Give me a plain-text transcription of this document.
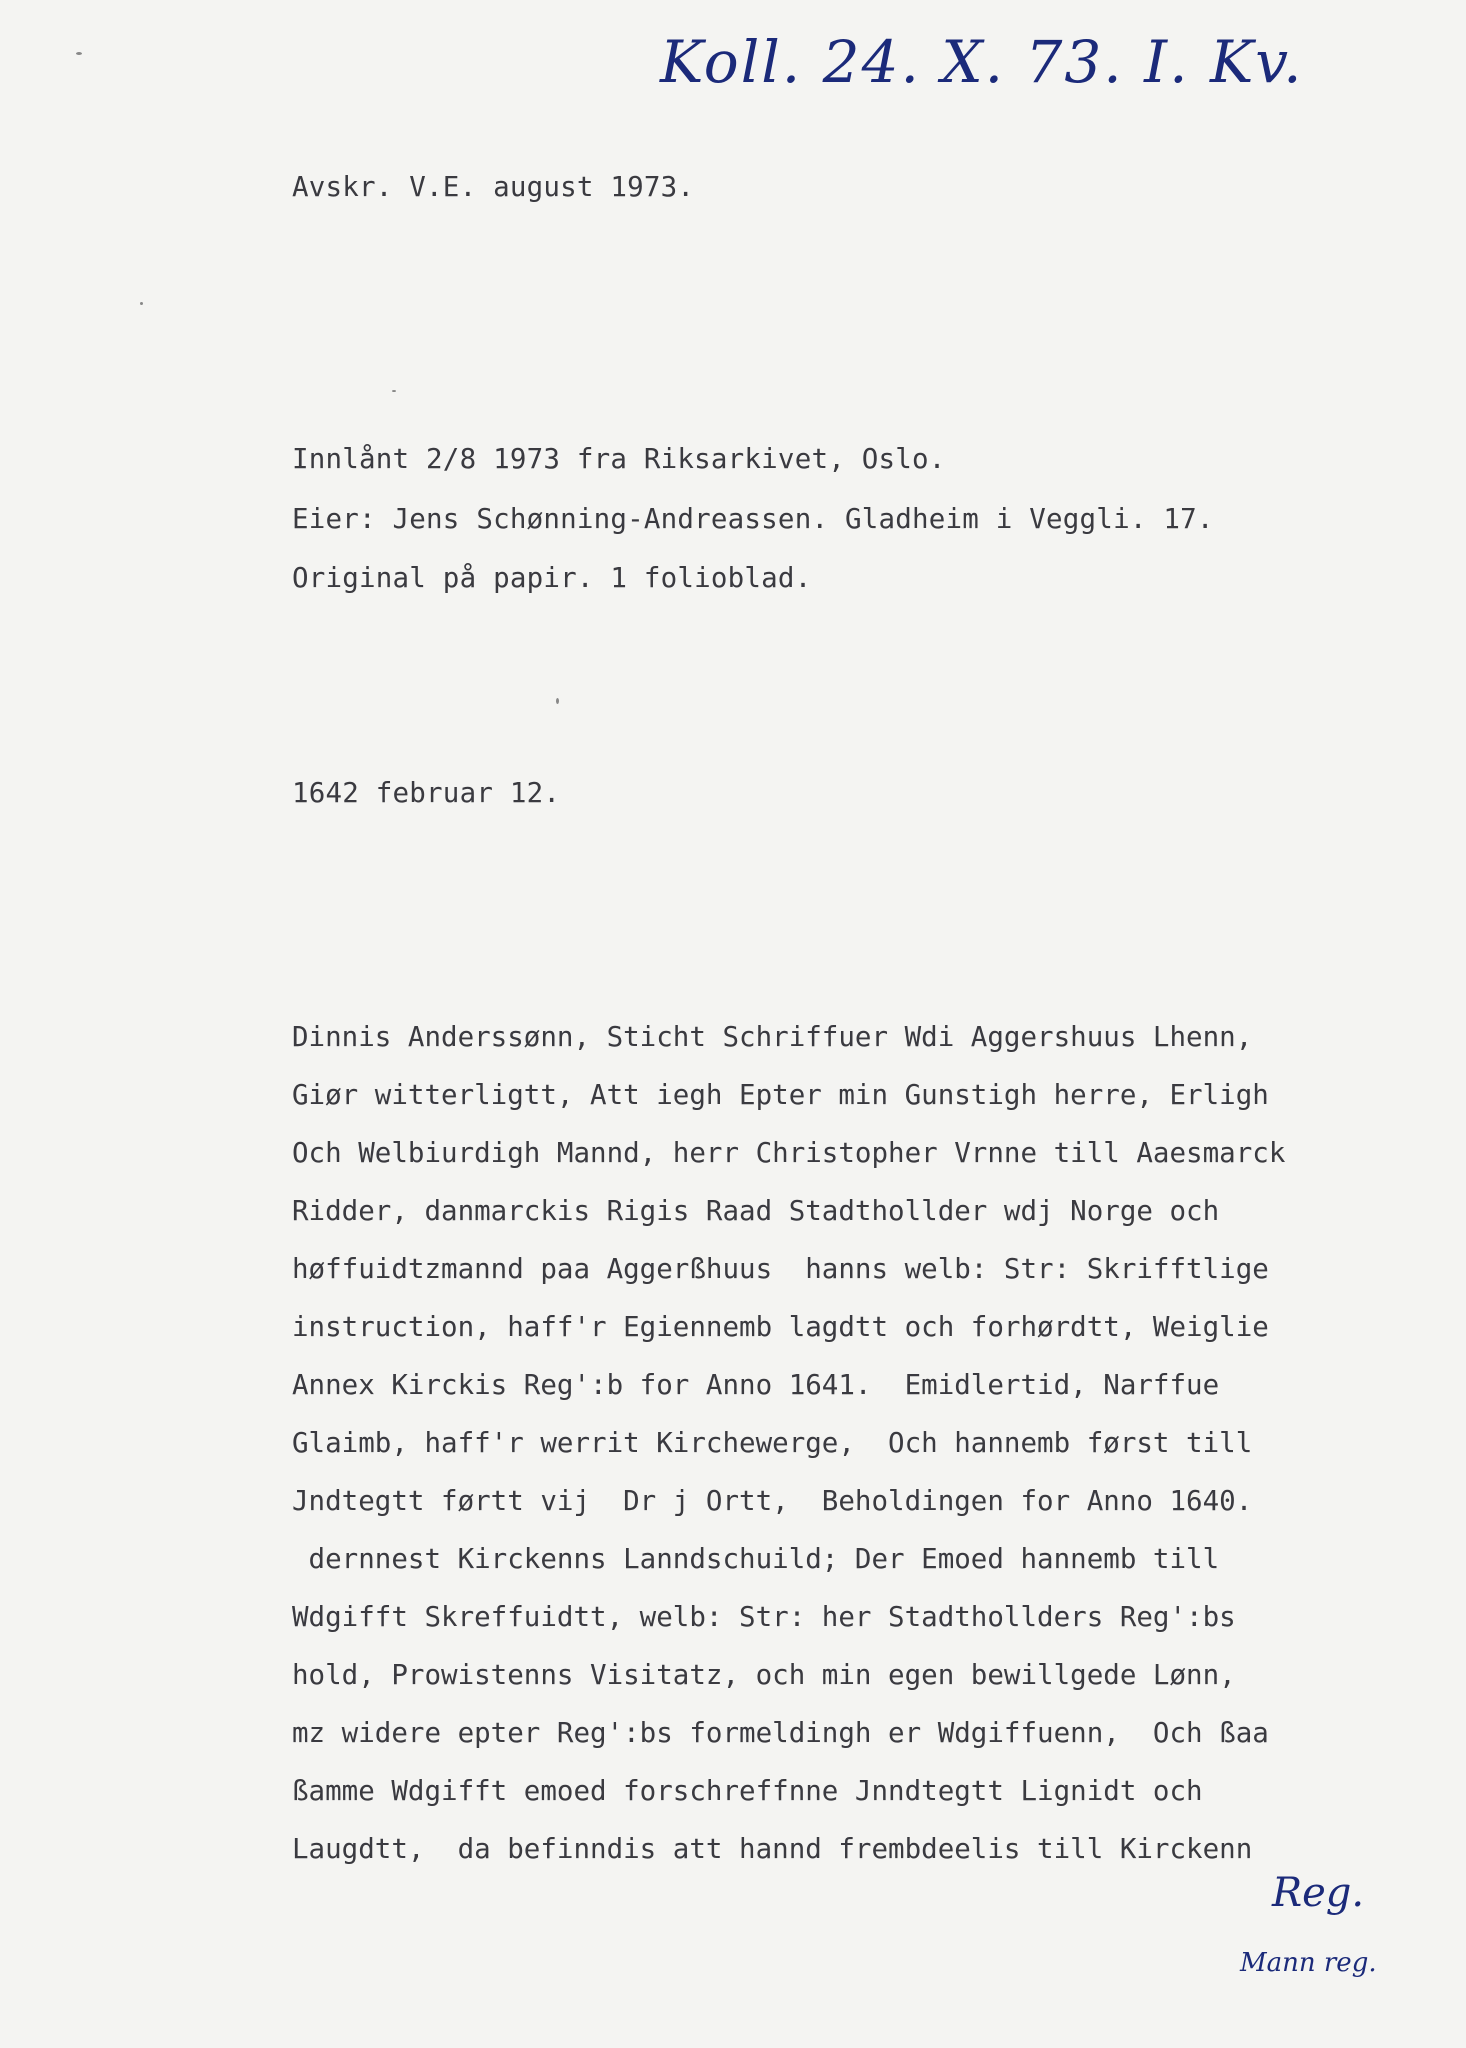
​
Koll. 24. X. 73. I. Kv.
Avskr. V.E. august 1973.
Innlånt 2/8 1973 fra Riksarkivet, Oslo.
Eier: Jens Schønning-Andreassen. Gladheim i Veggli. 17.
Original på papir. 1 folioblad.
1642 februar 12.
Dinnis Anderssønn, Sticht Schriffuer Wdi Aggershuus Lhenn,
Giør witterligtt, Att iegh Epter min Gunstigh herre, Erligh
Och Welbiurdigh Mannd, herr Christopher Vrnne till Aaesmarck
Ridder, danmarckis Rigis Raad Stadthollder wdj Norge och
høffuidtzmannd paa Aggerßhuus  hanns welb: Str: Skrifftlige
instruction, haff'r Egiennemb lagdtt och forhørdtt, Weiglie
Annex Kirckis Reg':b for Anno 1641.  Emidlertid, Narffue
Glaimb, haff'r werrit Kirchewerge,  Och hannemb først till
Jndtegtt førtt vij  Dr j Ortt,  Beholdingen for Anno 1640.
dernnest Kirckenns Lanndschuild; Der Emoed hannemb till
Wdgifft Skreffuidtt, welb: Str: her Stadthollders Reg':bs
hold, Prowistenns Visitatz, och min egen bewillgede Lønn,
mz widere epter Reg':bs formeldingh er Wdgiffuenn,  Och ßaa
ßamme Wdgifft emoed forschreffnne Jnndtegtt Lignidt och
Laugdtt,  da befinndis att hannd frembdeelis till Kirckenn
Reg.
Mann reg.
